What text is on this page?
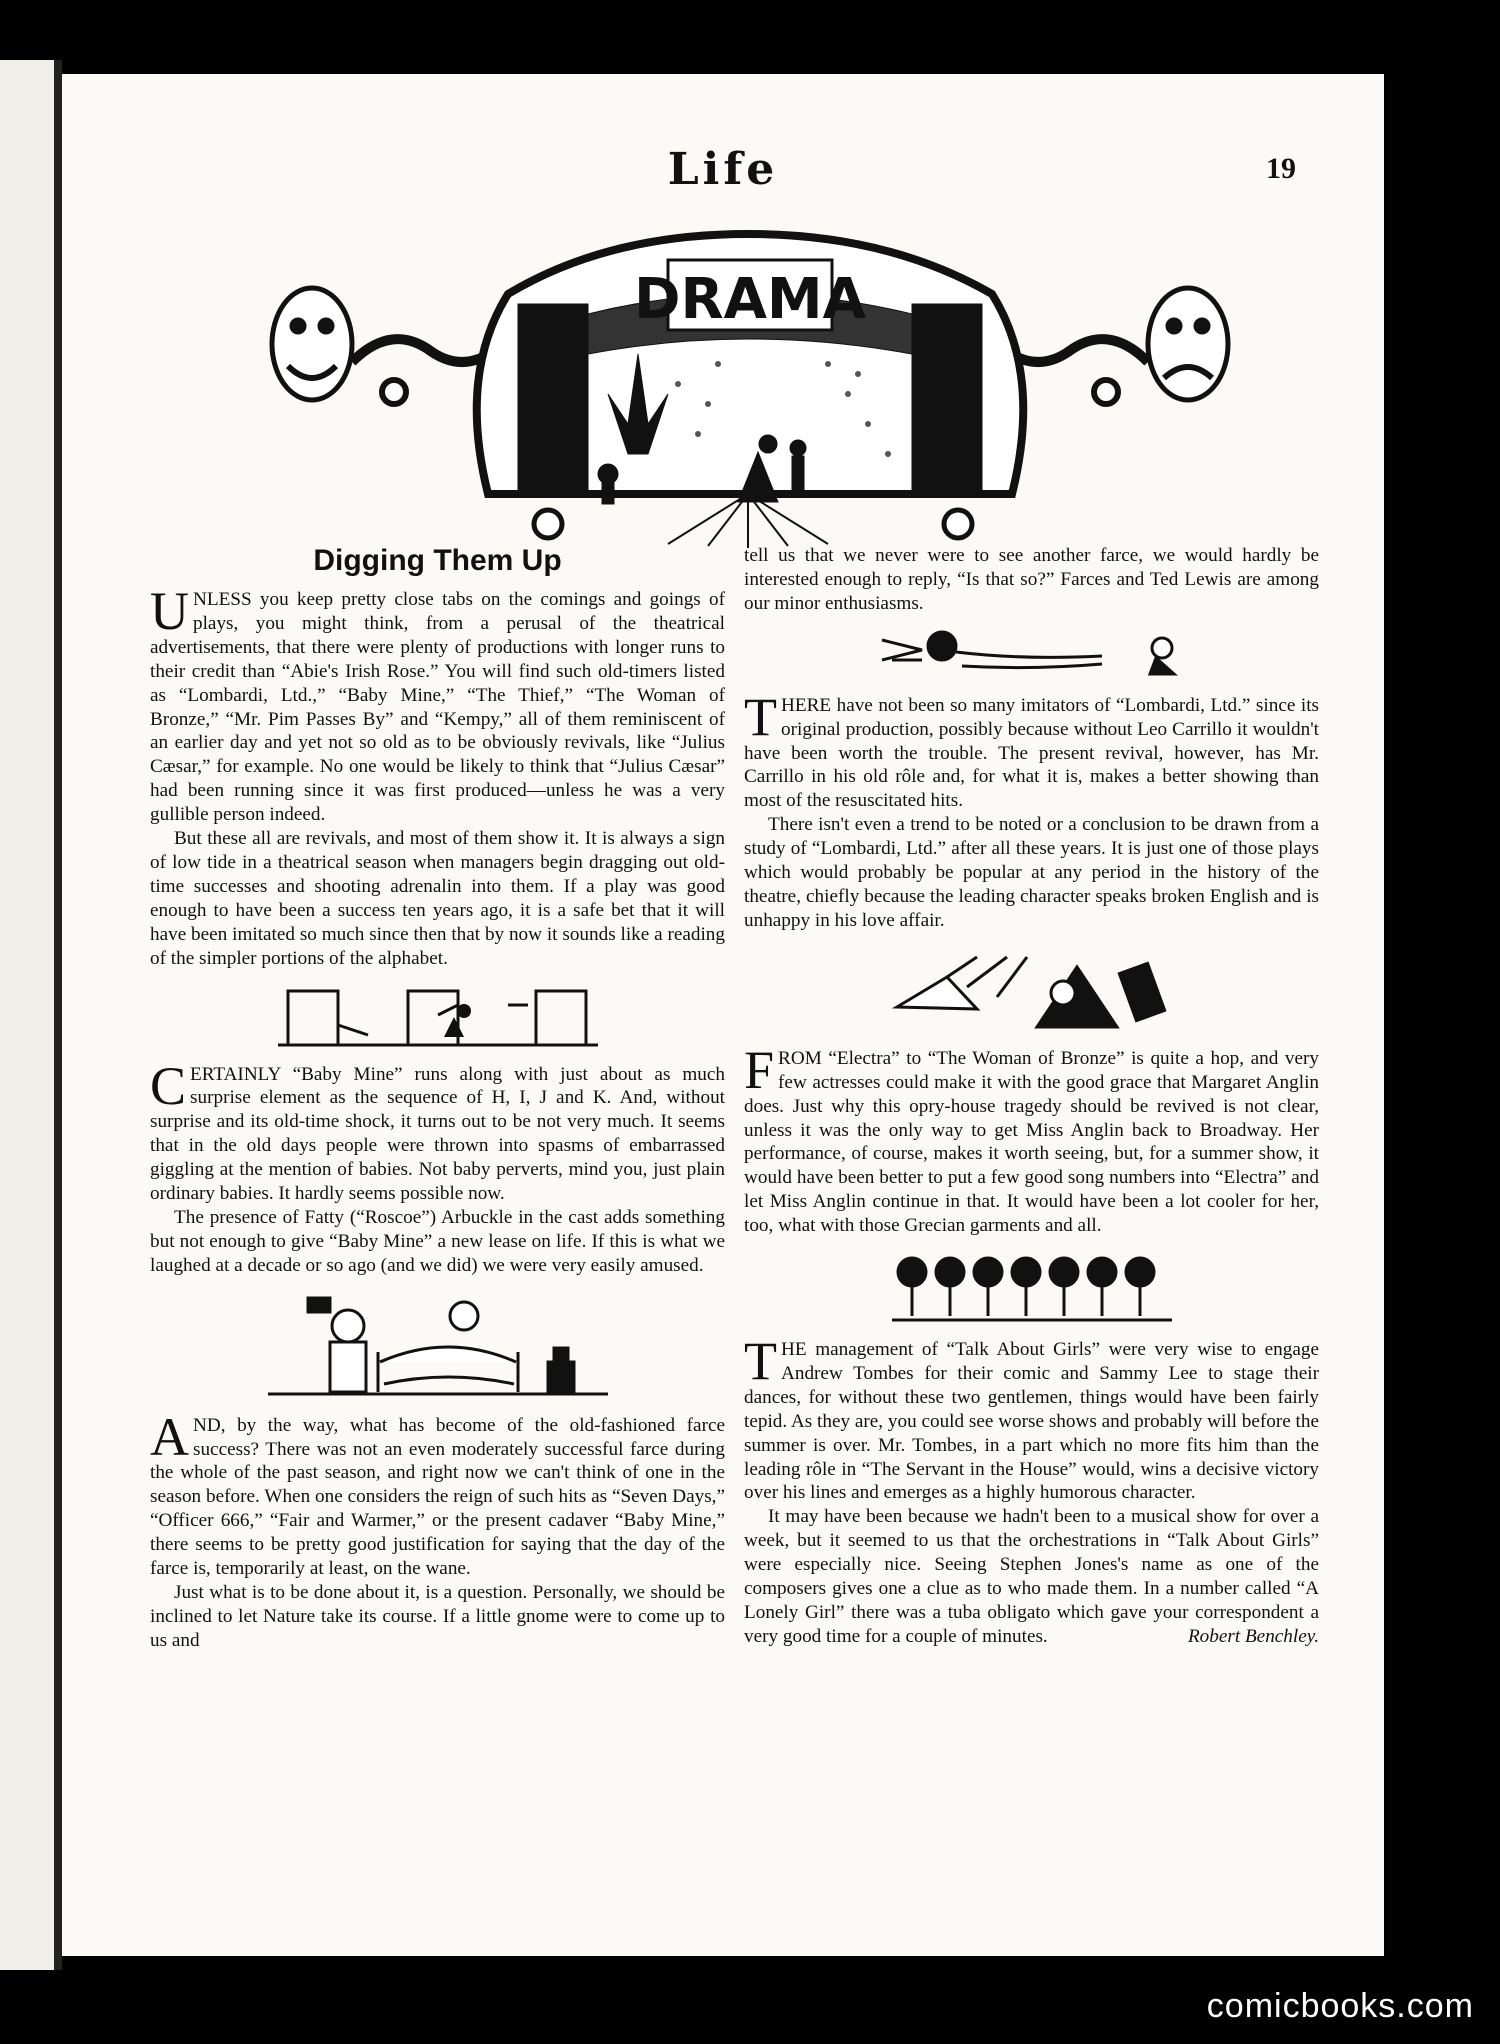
Life	19
DRAMA
Digging Them Up

UNLESS you keep pretty close tabs on the comings and goings of plays, you might think, from a perusal of the theatrical advertisements, that there were plenty of productions with longer runs to their credit than “Abie's Irish Rose.” You will find such old-timers listed as “Lombardi, Ltd.,” “Baby Mine,” “The Thief,” “The Woman of Bronze,” “Mr. Pim Passes By” and “Kempy,” all of them reminiscent of an earlier day and yet not so old as to be obviously revivals, like “Julius Cæsar,” for example. No one would be likely to think that “Julius Cæsar” had been running since it was first produced—unless he was a very gullible person indeed.

But these all are revivals, and most of them show it. It is always a sign of low tide in a theatrical season when managers begin dragging out old-time successes and shooting adrenalin into them. If a play was good enough to have been a success ten years ago, it is a safe bet that it will have been imitated so much since then that by now it sounds like a reading of the simpler portions of the alphabet.

CERTAINLY “Baby Mine” runs along with just about as much surprise element as the sequence of H, I, J and K. And, without surprise and its old-time shock, it turns out to be not very much. It seems that in the old days people were thrown into spasms of embarrassed giggling at the mention of babies. Not baby perverts, mind you, just plain ordinary babies. It hardly seems possible now.

The presence of Fatty (“Roscoe”) Arbuckle in the cast adds something but not enough to give “Baby Mine” a new lease on life. If this is what we laughed at a decade or so ago (and we did) we were very easily amused.

AND, by the way, what has become of the old-fashioned farce success? There was not an even moderately successful farce during the whole of the past season, and right now we can't think of one in the season before. When one considers the reign of such hits as “Seven Days,” “Officer 666,” “Fair and Warmer,” or the present cadaver “Baby Mine,” there seems to be pretty good justification for saying that the day of the farce is, temporarily at least, on the wane.

Just what is to be done about it, is a question. Personally, we should be inclined to let Nature take its course. If a little gnome were to come up to us and

tell us that we never were to see another farce, we would hardly be interested enough to reply, “Is that so?” Farces and Ted Lewis are among our minor enthusiasms.

THERE have not been so many imitators of “Lombardi, Ltd.” since its original production, possibly because without Leo Carrillo it wouldn't have been worth the trouble. The present revival, however, has Mr. Carrillo in his old rôle and, for what it is, makes a better showing than most of the resuscitated hits.

There isn't even a trend to be noted or a conclusion to be drawn from a study of “Lombardi, Ltd.” after all these years. It is just one of those plays which would probably be popular at any period in the history of the theatre, chiefly because the leading character speaks broken English and is unhappy in his love affair.

FROM “Electra” to “The Woman of Bronze” is quite a hop, and very few actresses could make it with the good grace that Margaret Anglin does. Just why this opry-house tragedy should be revived is not clear, unless it was the only way to get Miss Anglin back to Broadway. Her performance, of course, makes it worth seeing, but, for a summer show, it would have been better to put a few good song numbers into “Electra” and let Miss Anglin continue in that. It would have been a lot cooler for her, too, what with those Grecian garments and all.

THE management of “Talk About Girls” were very wise to engage Andrew Tombes for their comic and Sammy Lee to stage their dances, for without these two gentlemen, things would have been fairly tepid. As they are, you could see worse shows and probably will before the summer is over. Mr. Tombes, in a part which no more fits him than the leading rôle in “The Servant in the House” would, wins a decisive victory over his lines and emerges as a highly humorous character.

It may have been because we hadn't been to a musical show for over a week, but it seemed to us that the orchestrations in “Talk About Girls” were especially nice. Seeing Stephen Jones's name as one of the composers gives one a clue as to who made them. In a number called “A Lonely Girl” there was a tuba obligato which gave your correspondent a very good time for a couple of minutes.	Robert Benchley.

comicbooks.com
